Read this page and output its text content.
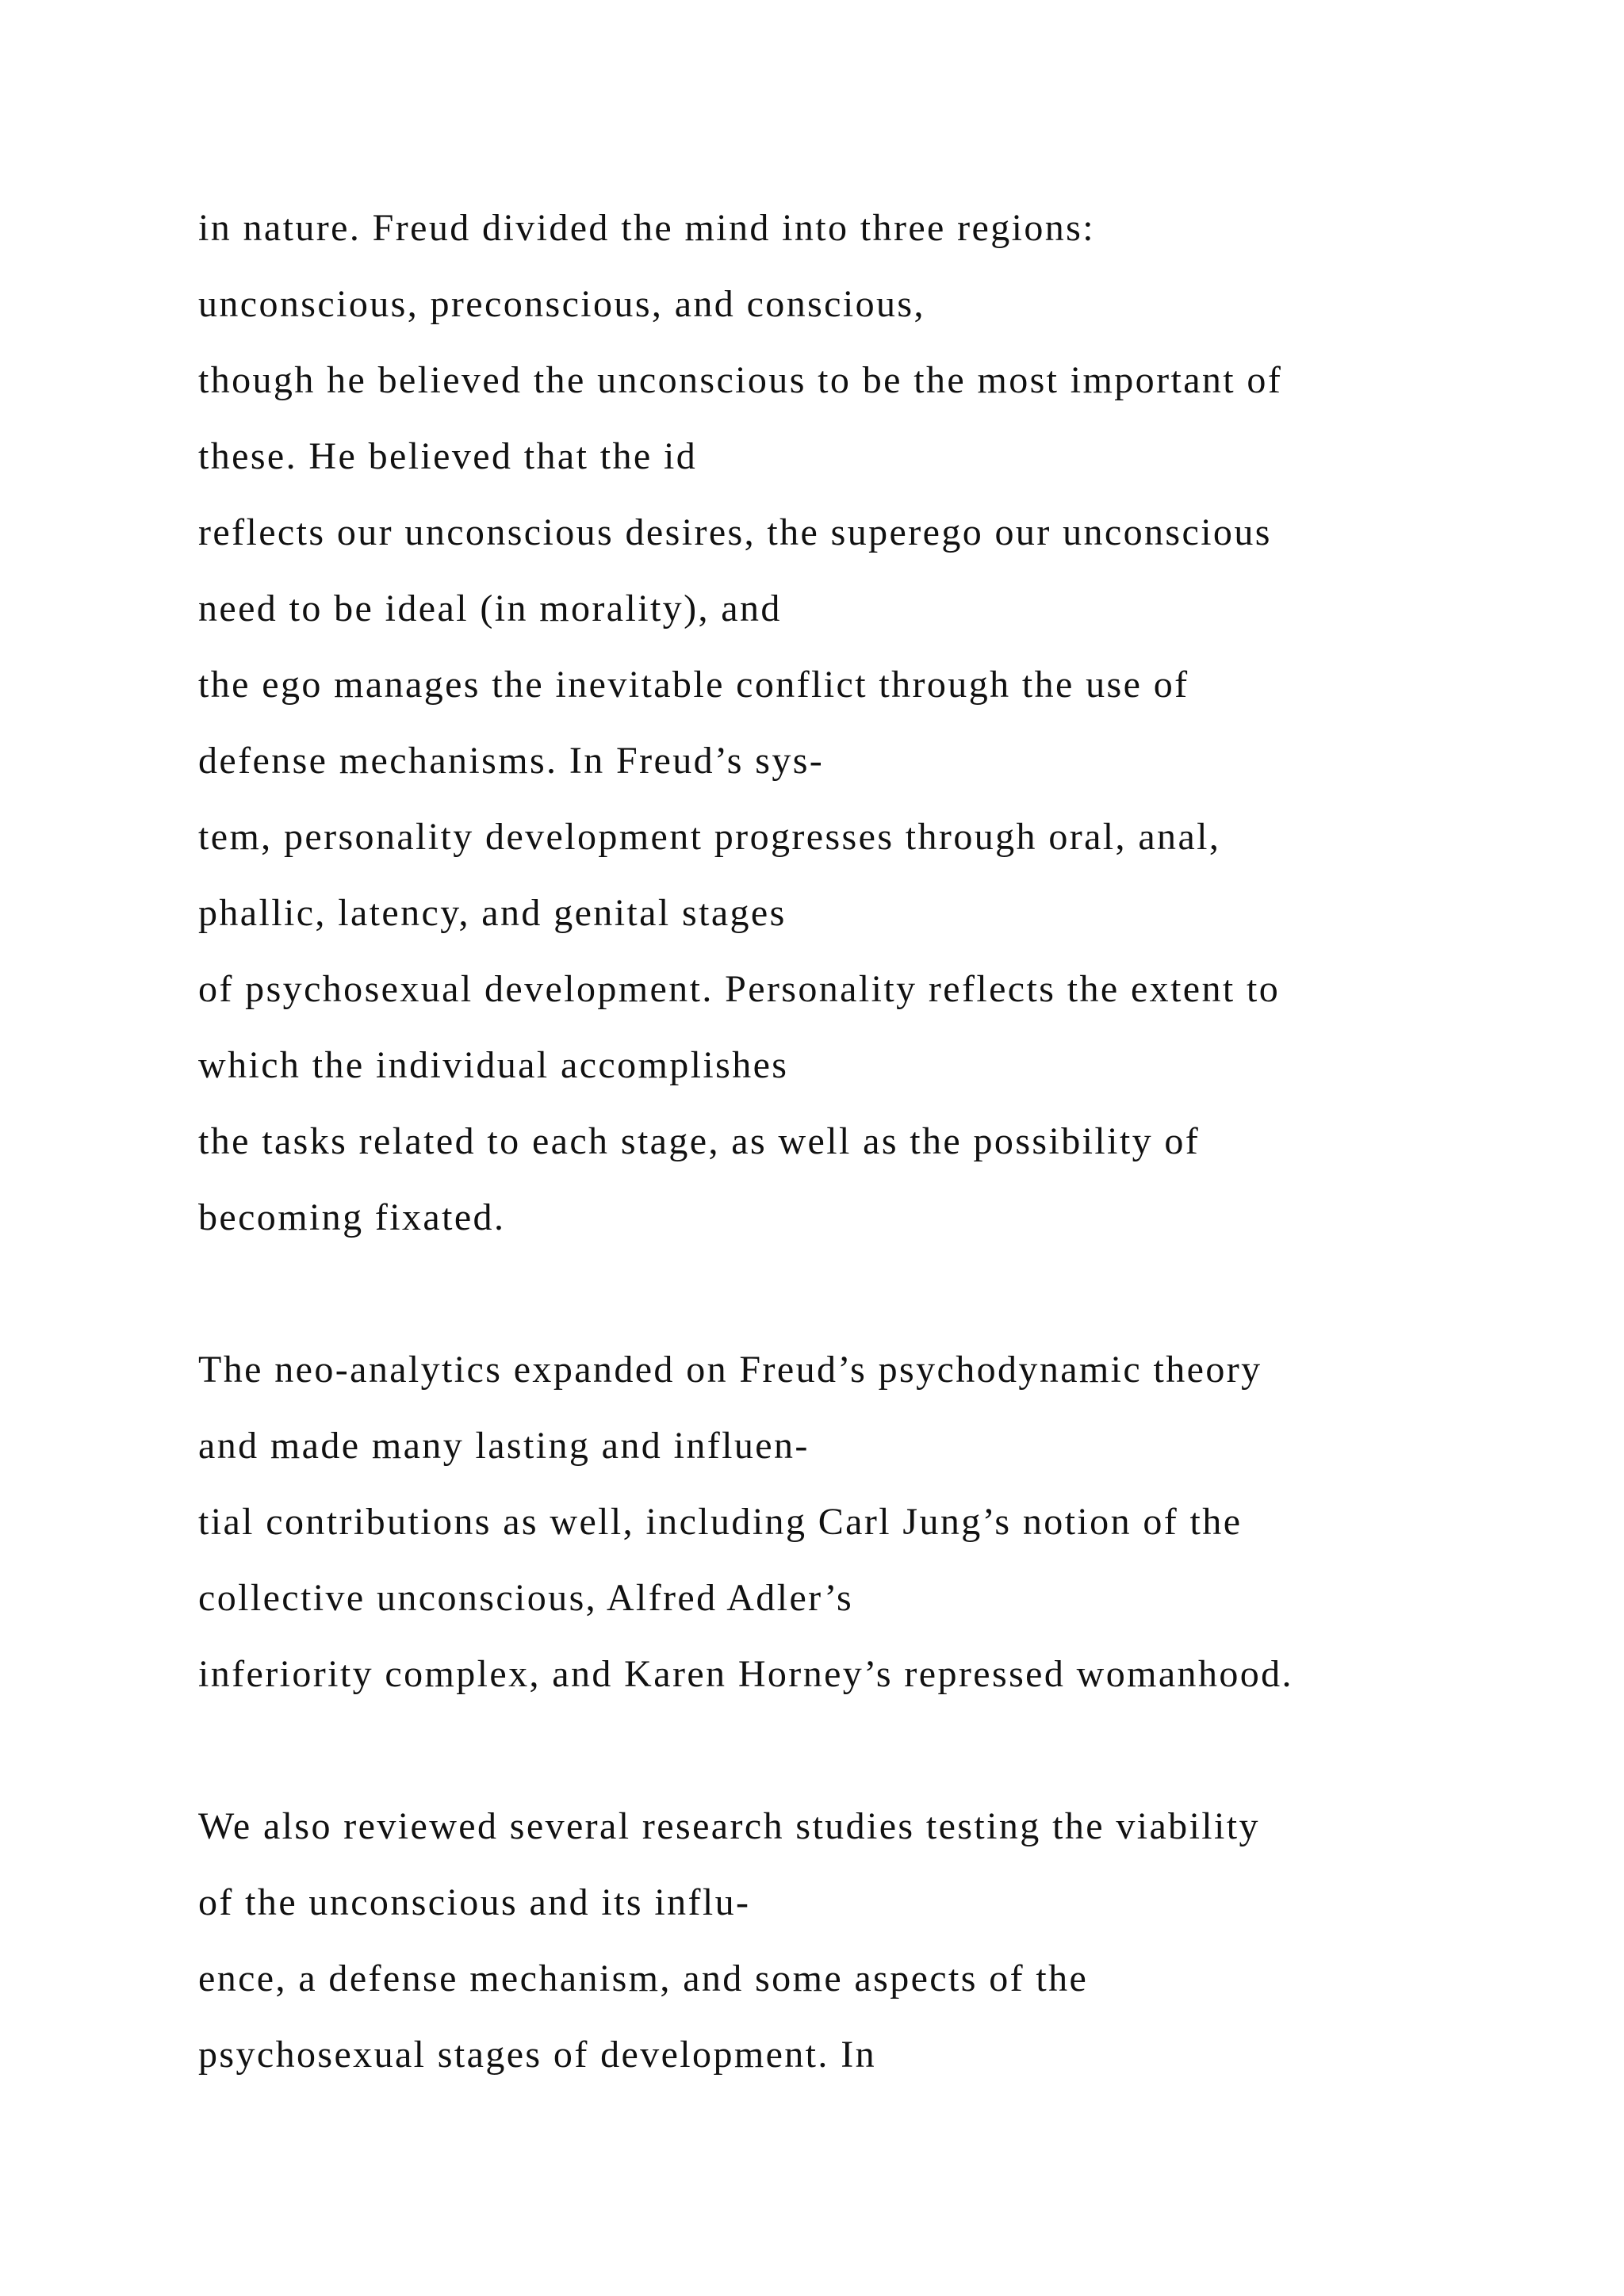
in nature. Freud divided the mind into three regions:
unconscious, preconscious, and conscious,
though he believed the unconscious to be the most important of
these. He believed that the id
reflects our unconscious desires, the superego our unconscious
need to be ideal (in morality), and
the ego manages the inevitable conflict through the use of
defense mechanisms. In Freud’s sys-
tem, personality development progresses through oral, anal,
phallic, latency, and genital stages
of psychosexual development. Personality reflects the extent to
which the individual accomplishes
the tasks related to each stage, as well as the possibility of
becoming fixated.
The neo-analytics expanded on Freud’s psychodynamic theory
and made many lasting and influen-
tial contributions as well, including Carl Jung’s notion of the
collective unconscious, Alfred Adler’s
inferiority complex, and Karen Horney’s repressed womanhood.
We also reviewed several research studies testing the viability
of the unconscious and its influ-
ence, a defense mechanism, and some aspects of the
psychosexual stages of development. In
